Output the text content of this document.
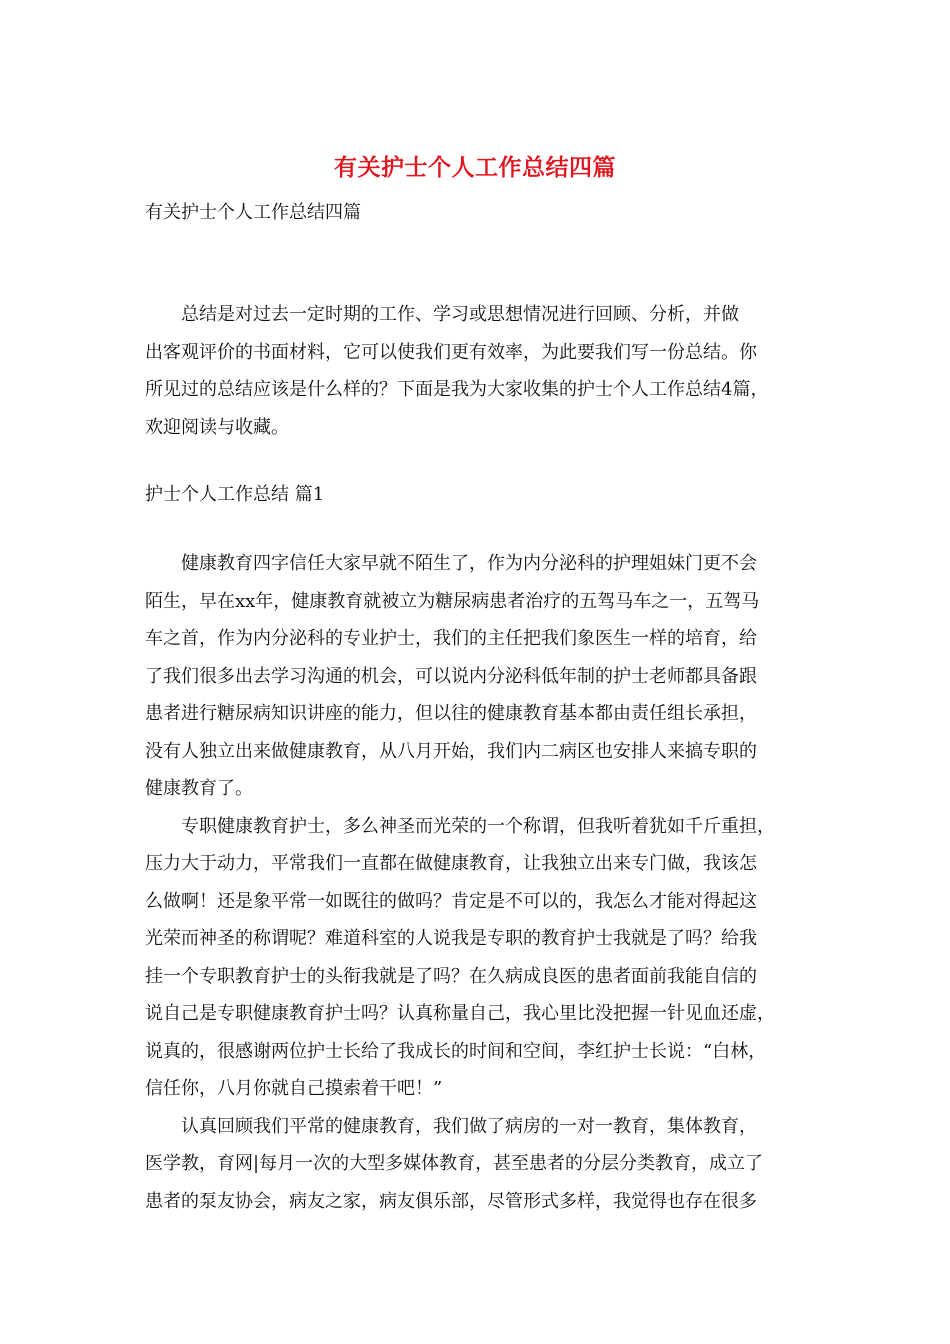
有关护士个人工作总结四篇
有关护士个人工作总结四篇
　　总结是对过去一定时期的工作、学习或思想情况进行回顾、分析，并做
出客观评价的书面材料，它可以使我们更有效率，为此要我们写一份总结。你
所见过的总结应该是什么样的？下面是我为大家收集的护士个人工作总结4篇，
欢迎阅读与收藏。
护士个人工作总结 篇1
　　健康教育四字信任大家早就不陌生了，作为内分泌科的护理姐妹门更不会
陌生，早在xx年，健康教育就被立为糖尿病患者治疗的五驾马车之一，五驾马
车之首，作为内分泌科的专业护士，我们的主任把我们象医生一样的培育，给
了我们很多出去学习沟通的机会，可以说内分泌科低年制的护士老师都具备跟
患者进行糖尿病知识讲座的能力，但以往的健康教育基本都由责任组长承担，
没有人独立出来做健康教育，从八月开始，我们内二病区也安排人来搞专职的
健康教育了。
　　专职健康教育护士，多么神圣而光荣的一个称谓，但我听着犹如千斤重担，
压力大于动力，平常我们一直都在做健康教育，让我独立出来专门做，我该怎
么做啊！还是象平常一如既往的做吗？肯定是不可以的，我怎么才能对得起这
光荣而神圣的称谓呢？难道科室的人说我是专职的教育护士我就是了吗？给我
挂一个专职教育护士的头衔我就是了吗？在久病成良医的患者面前我能自信的
说自己是专职健康教育护士吗？认真称量自己，我心里比没把握一针见血还虚，
说真的，很感谢两位护士长给了我成长的时间和空间，李红护士长说：“白林，
信任你，八月你就自己摸索着干吧！”
　　认真回顾我们平常的健康教育，我们做了病房的一对一教育，集体教育，
医学教，育网|每月一次的大型多媒体教育，甚至患者的分层分类教育，成立了
患者的泵友协会，病友之家，病友俱乐部，尽管形式多样，我觉得也存在很多
